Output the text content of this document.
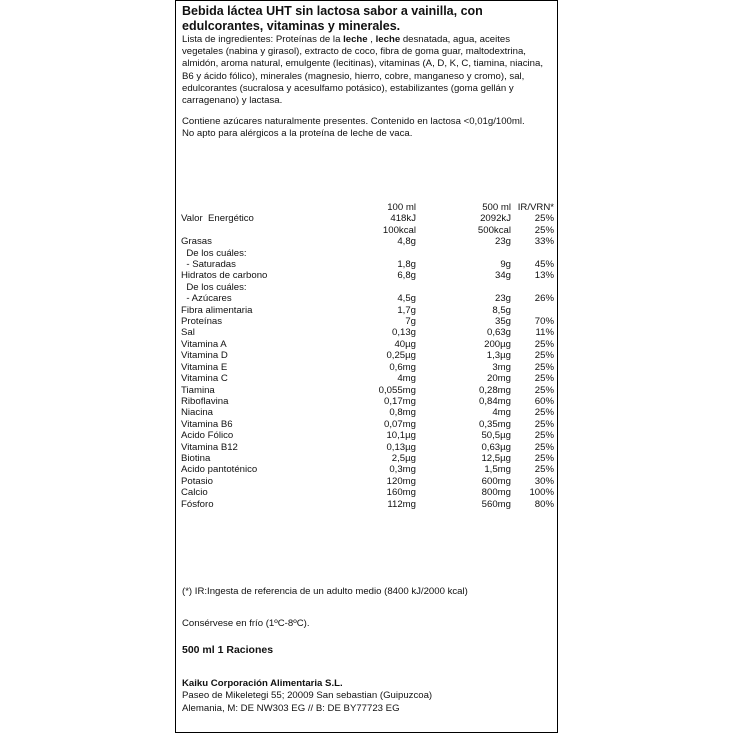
Bebida láctea UHT sin lactosa sabor a vainilla, con edulcorantes, vitaminas y minerales.
Lista de ingredientes: Proteínas de la leche , leche desnatada, agua, aceites vegetales (nabina y girasol), extracto de coco, fibra de goma guar, maltodextrina, almidón, aroma natural, emulgente (lecitinas), vitaminas (A, D, K, C, tiamina, niacina, B6 y ácido fólico), minerales (magnesio, hierro, cobre, manganeso y cromo), sal, edulcorantes (sucralosa y acesulfamo potásico), estabilizantes (goma gellán y carragenano) y lactasa.
Contiene azúcares naturalmente presentes. Contenido en lactosa <0,01g/100ml.
No apto para alérgicos a la proteína de leche de vaca.
	100 ml	500 ml	IR/VRN*
Valor  Energético	418kJ	2092kJ	25%
	100kcal	500kcal	25%
Grasas	4,8g	23g	33%
De los cuáles:			
- Saturadas	1,8g	9g	45%
Hidratos de carbono	6,8g	34g	13%
De los cuáles:			
- Azúcares	4,5g	23g	26%
Fibra alimentaria	1,7g	8,5g	
Proteínas	7g	35g	70%
Sal	0,13g	0,63g	11%
Vitamina A	40µg	200µg	25%
Vitamina D	0,25µg	1,3µg	25%
Vitamina E	0,6mg	3mg	25%
Vitamina C	4mg	20mg	25%
Tiamina	0,055mg	0,28mg	25%
Riboflavina	0,17mg	0,84mg	60%
Niacina	0,8mg	4mg	25%
Vitamina B6	0,07mg	0,35mg	25%
Acido Fólico	10,1µg	50,5µg	25%
Vitamina B12	0,13µg	0,63µg	25%
Biotina	2,5µg	12,5µg	25%
Acido pantoténico	0,3mg	1,5mg	25%
Potasio	120mg	600mg	30%
Calcio	160mg	800mg	100%
Fósforo	112mg	560mg	80%
(*) IR:Ingesta de referencia de un adulto medio (8400 kJ/2000 kcal)
Consérvese en frío (1ºC-8ºC).
500 ml 1 Raciones
Kaiku Corporación Alimentaria S.L.
Paseo de Mikeletegi 55; 20009 San sebastian (Guipuzcoa)
Alemania, M: DE NW303 EG // B: DE BY77723 EG
